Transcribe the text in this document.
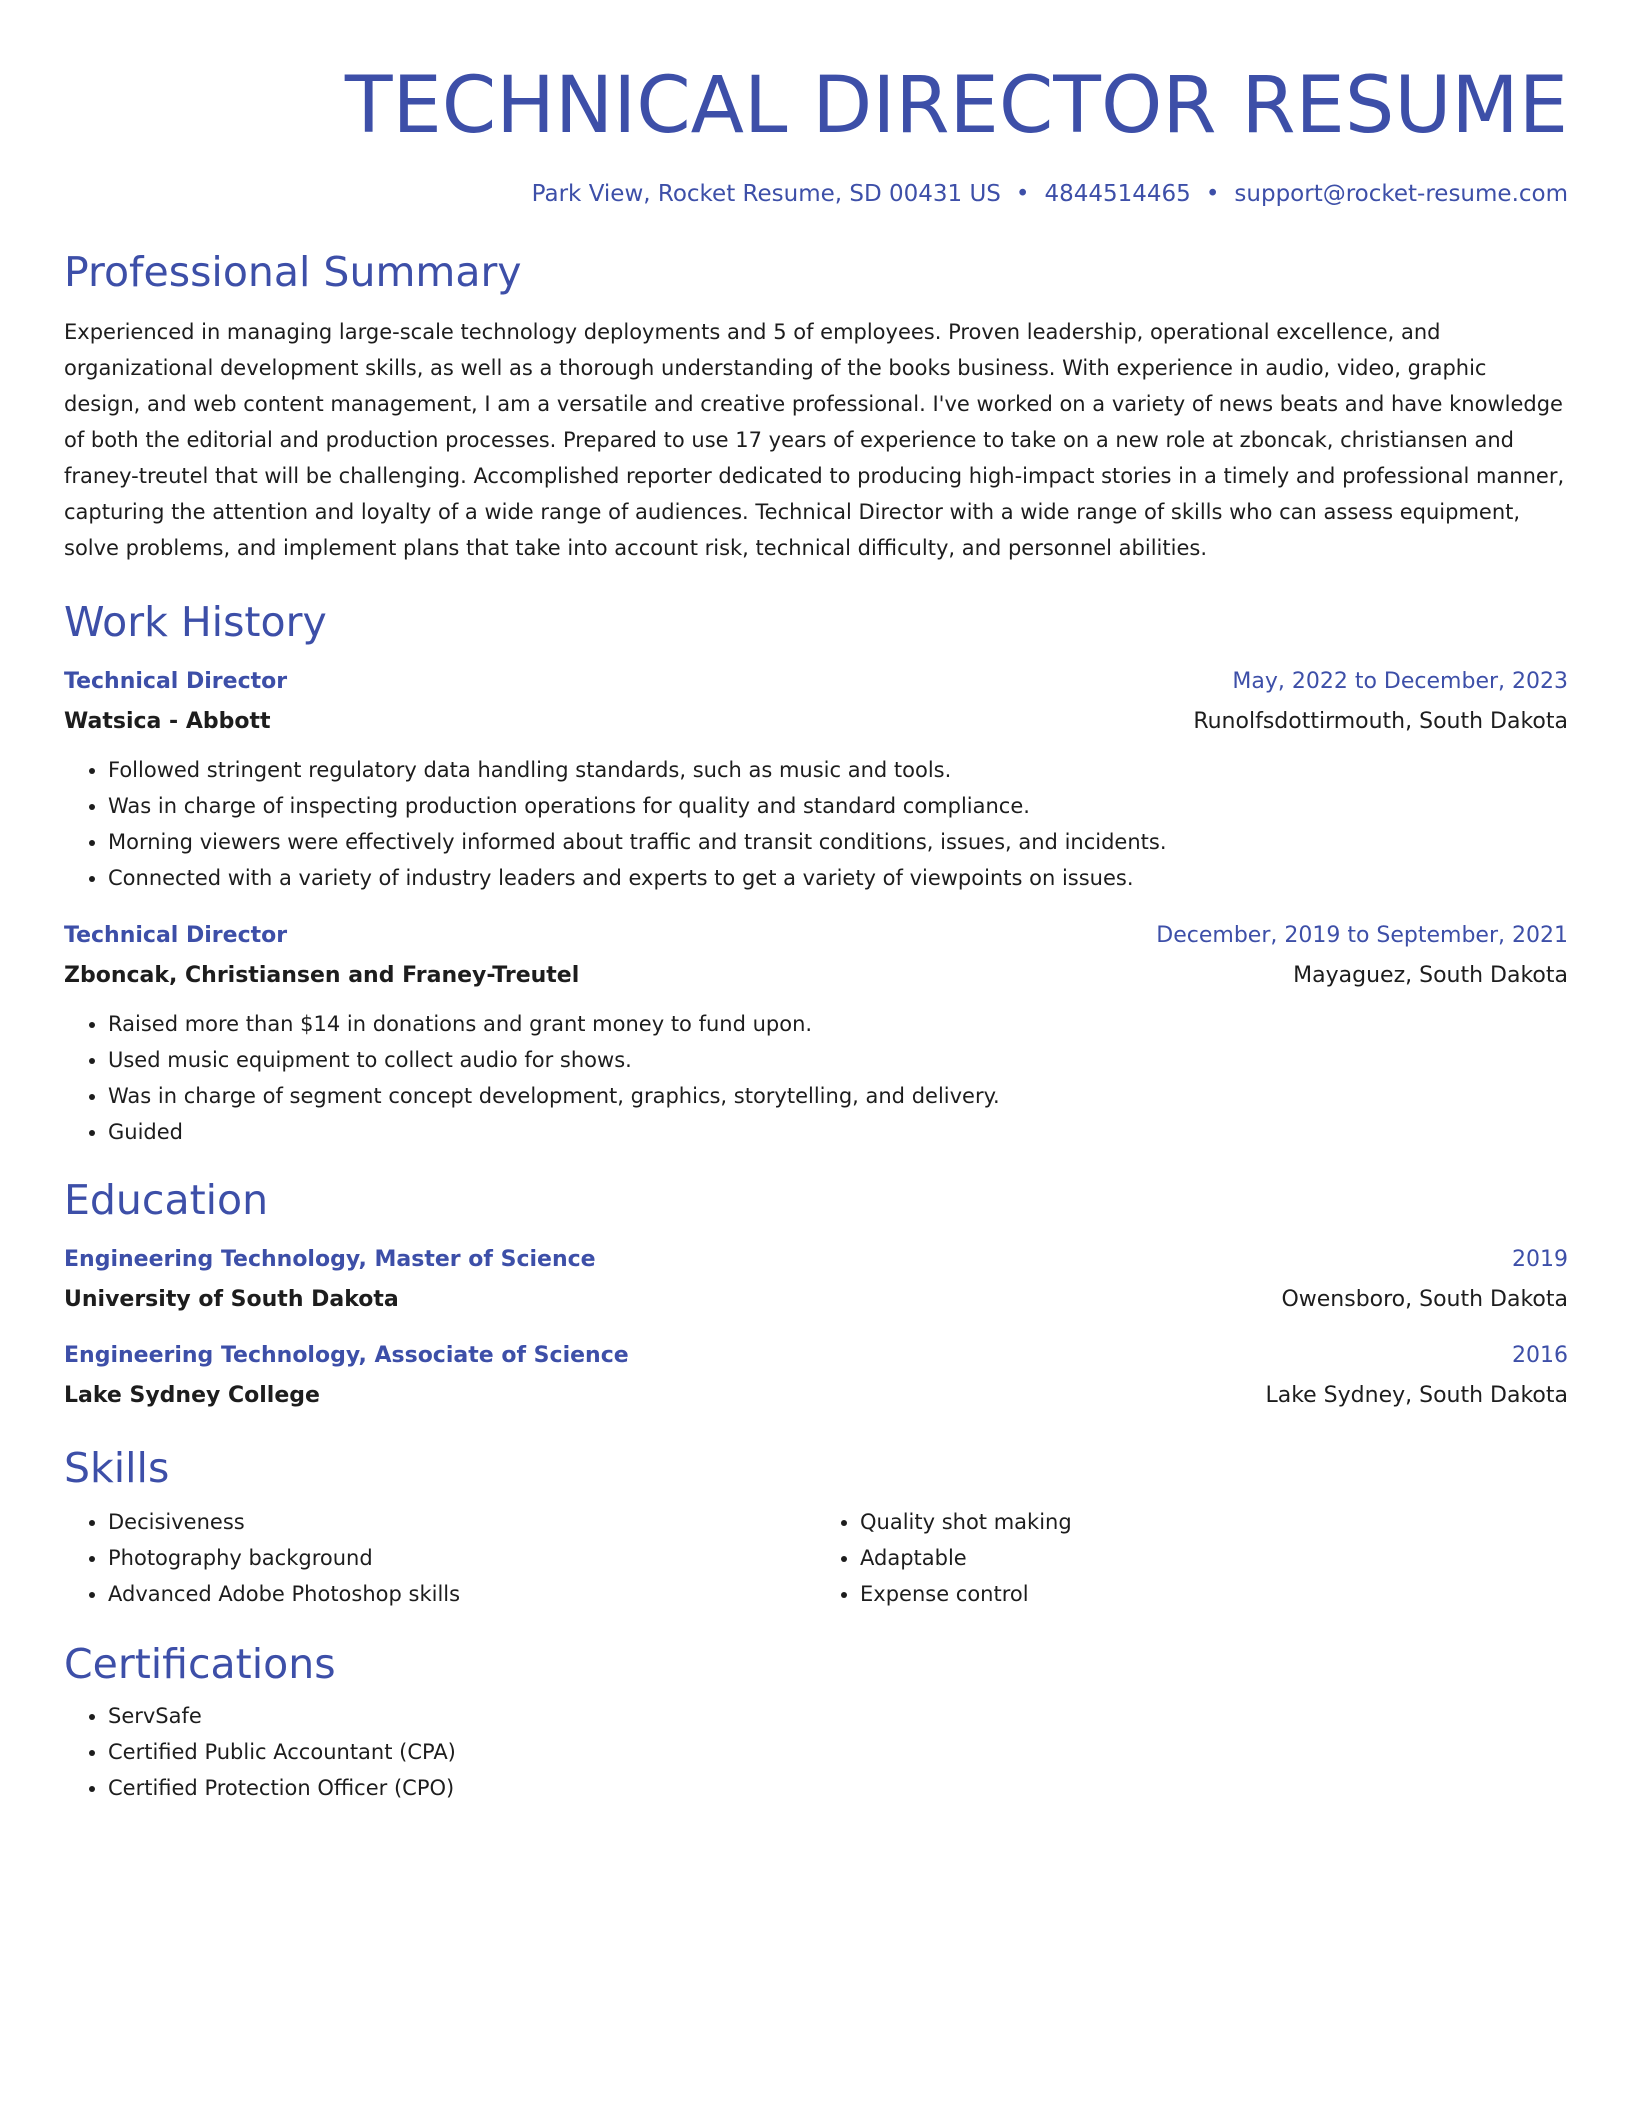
TECHNICAL DIRECTOR RESUME
Park View, Rocket Resume, SD 00431 US • 4844514465 • support@rocket-resume.com
Professional Summary
Experienced in managing large-scale technology deployments and 5 of employees. Proven leadership, operational excellence, and organizational development skills, as well as a thorough understanding of the books business. With experience in audio, video, graphic design, and web content management, I am a versatile and creative professional. I've worked on a variety of news beats and have knowledge of both the editorial and production processes. Prepared to use 17 years of experience to take on a new role at zboncak, christiansen and franey-treutel that will be challenging. Accomplished reporter dedicated to producing high-impact stories in a timely and professional manner, capturing the attention and loyalty of a wide range of audiences. Technical Director with a wide range of skills who can assess equipment, solve problems, and implement plans that take into account risk, technical difficulty, and personnel abilities.
Work History
Technical Director	May, 2022 to December, 2023
Watsica - Abbott	Runolfsdottirmouth, South Dakota
• Followed stringent regulatory data handling standards, such as music and tools.
• Was in charge of inspecting production operations for quality and standard compliance.
• Morning viewers were effectively informed about traffic and transit conditions, issues, and incidents.
• Connected with a variety of industry leaders and experts to get a variety of viewpoints on issues.
Technical Director	December, 2019 to September, 2021
Zboncak, Christiansen and Franey-Treutel	Mayaguez, South Dakota
• Raised more than $14 in donations and grant money to fund upon.
• Used music equipment to collect audio for shows.
• Was in charge of segment concept development, graphics, storytelling, and delivery.
• Guided
Education
Engineering Technology, Master of Science	2019
University of South Dakota	Owensboro, South Dakota
Engineering Technology, Associate of Science	2016
Lake Sydney College	Lake Sydney, South Dakota
Skills
• Decisiveness
• Photography background
• Advanced Adobe Photoshop skills
• Quality shot making
• Adaptable
• Expense control
Certifications
• ServSafe
• Certified Public Accountant (CPA)
• Certified Protection Officer (CPO)
